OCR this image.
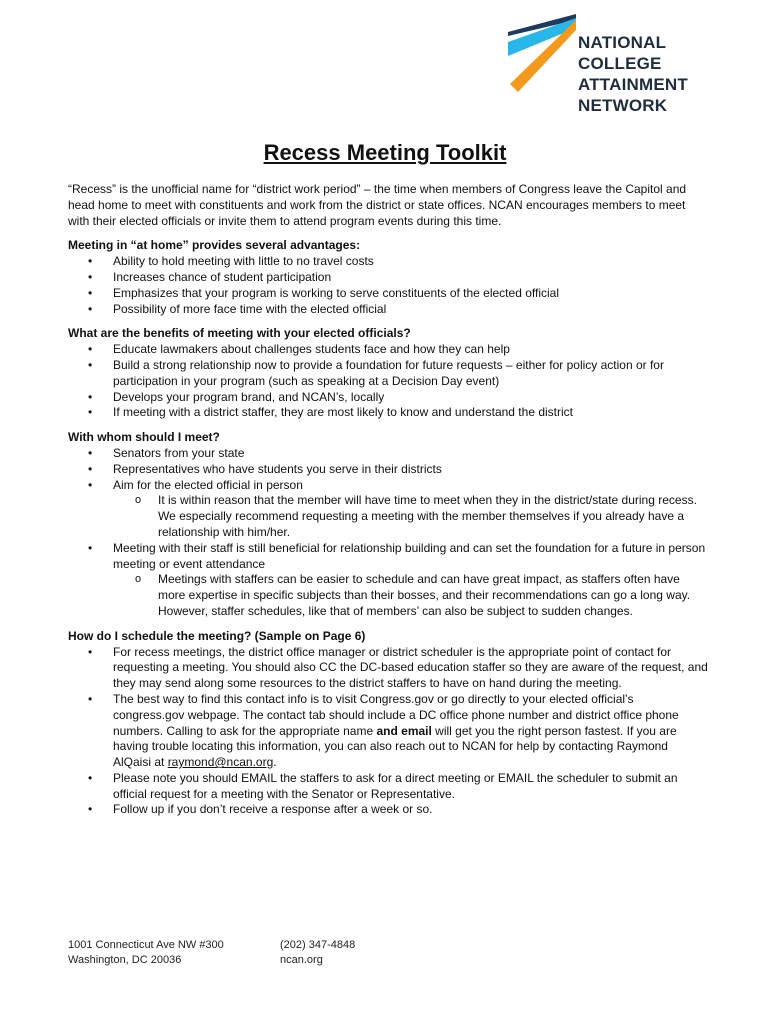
NATIONAL
COLLEGE
ATTAINMENT
NETWORK
Recess Meeting Toolkit

“Recess” is the unofficial name for “district work period” – the time when members of Congress leave the Capitol and head home to meet with constituents and work from the district or state offices. NCAN encourages members to meet with their elected officials or invite them to attend program events during this time.

Meeting in “at home” provides several advantages:

• Ability to hold meeting with little to no travel costs
• Increases chance of student participation
• Emphasizes that your program is working to serve constituents of the elected official
• Possibility of more face time with the elected official

What are the benefits of meeting with your elected officials?

• Educate lawmakers about challenges students face and how they can help
• Build a strong relationship now to provide a foundation for future requests – either for policy action or for participation in your program (such as speaking at a Decision Day event)
• Develops your program brand, and NCAN’s, locally
• If meeting with a district staffer, they are most likely to know and understand the district

With whom should I meet?

• Senators from your state
• Representatives who have students you serve in their districts
• Aim for the elected official in person
o It is within reason that the member will have time to meet when they in the district/state during recess. We especially recommend requesting a meeting with the member themselves if you already have a relationship with him/her.
• Meeting with their staff is still beneficial for relationship building and can set the foundation for a future in person meeting or event attendance
o Meetings with staffers can be easier to schedule and can have great impact, as staffers often have more expertise in specific subjects than their bosses, and their recommendations can go a long way. However, staffer schedules, like that of members’ can also be subject to sudden changes.

How do I schedule the meeting? (Sample on Page 6)

• For recess meetings, the district office manager or district scheduler is the appropriate point of contact for requesting a meeting. You should also CC the DC-based education staffer so they are aware of the request, and they may send along some resources to the district staffers to have on hand during the meeting.
• The best way to find this contact info is to visit Congress.gov or go directly to your elected official’s congress.gov webpage. The contact tab should include a DC office phone number and district office phone numbers. Calling to ask for the appropriate name and email will get you the right person fastest. If you are having trouble locating this information, you can also reach out to NCAN for help by contacting Raymond AlQaisi at raymond@ncan.org.
• Please note you should EMAIL the staffers to ask for a direct meeting or EMAIL the scheduler to submit an official request for a meeting with the Senator or Representative.
• Follow up if you don’t receive a response after a week or so.
1001 Connecticut Ave NW #300
Washington, DC 20036
(202) 347-4848
ncan.org
